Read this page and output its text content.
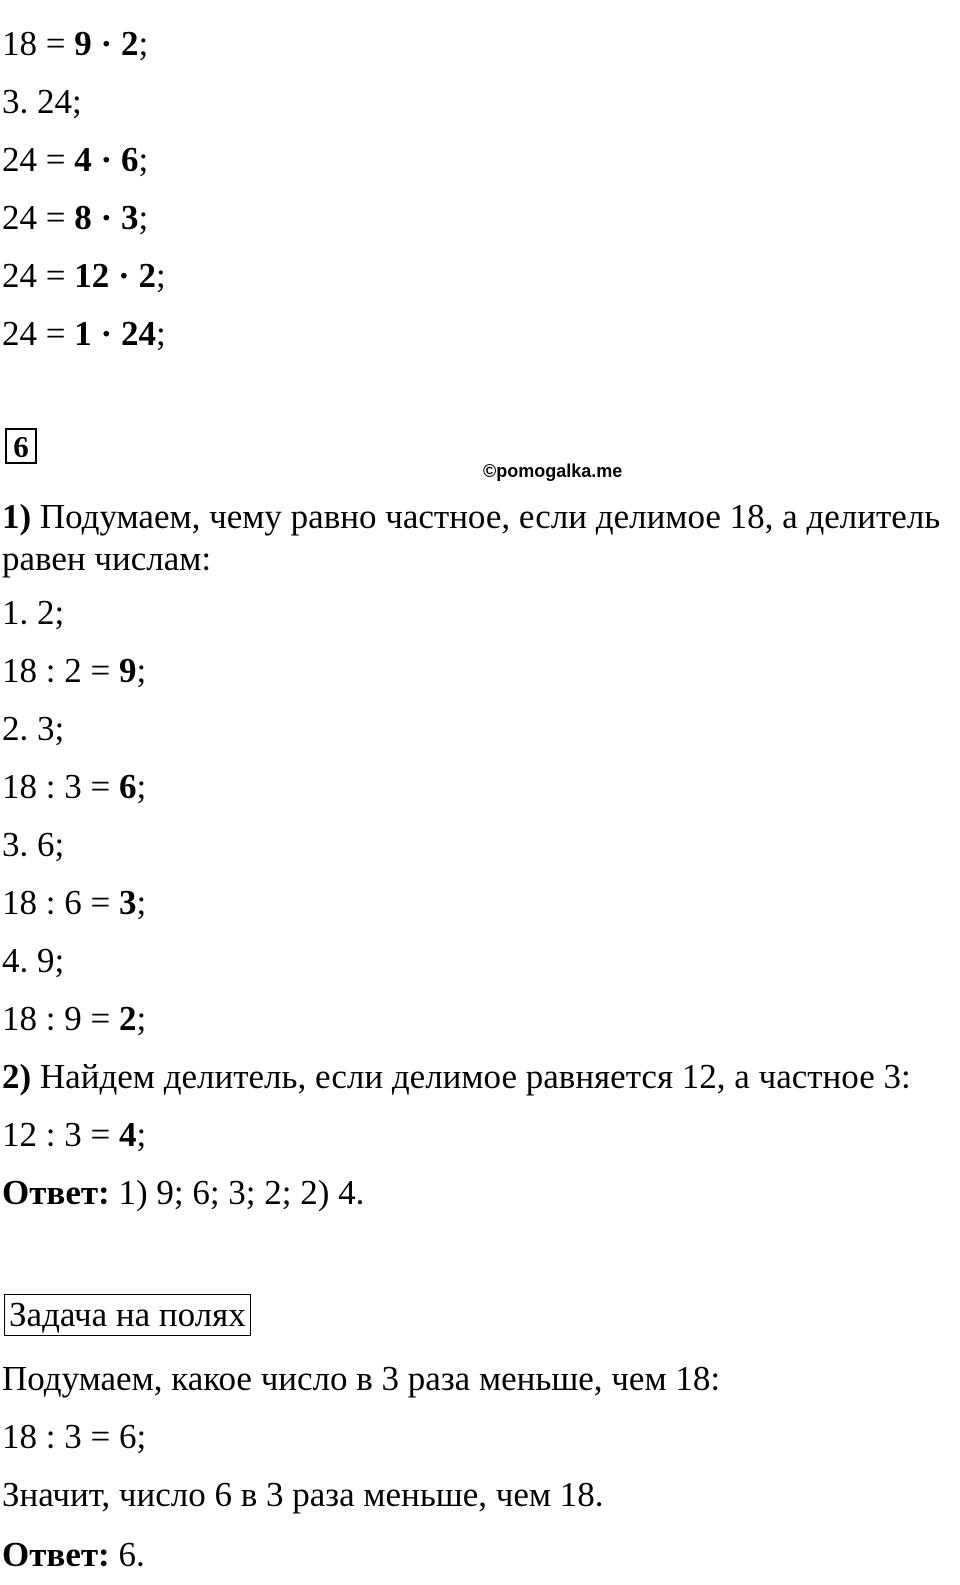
18 = 9 · 2;
3. 24;
24 = 4 · 6;
24 = 8 · 3;
24 = 12 · 2;
24 = 1 · 24;
6
©pomogalka.me
1) Подумаем, чему равно частное, если делимое 18, а делитель
равен числам:
1. 2;
18 : 2 = 9;
2. 3;
18 : 3 = 6;
3. 6;
18 : 6 = 3;
4. 9;
18 : 9 = 2;
2) Найдем делитель, если делимое равняется 12, а частное 3:
12 : 3 = 4;
Ответ: 1) 9; 6; 3; 2; 2) 4.
Задача на полях
Подумаем, какое число в 3 раза меньше, чем 18:
18 : 3 = 6;
Значит, число 6 в 3 раза меньше, чем 18.
Ответ: 6.
